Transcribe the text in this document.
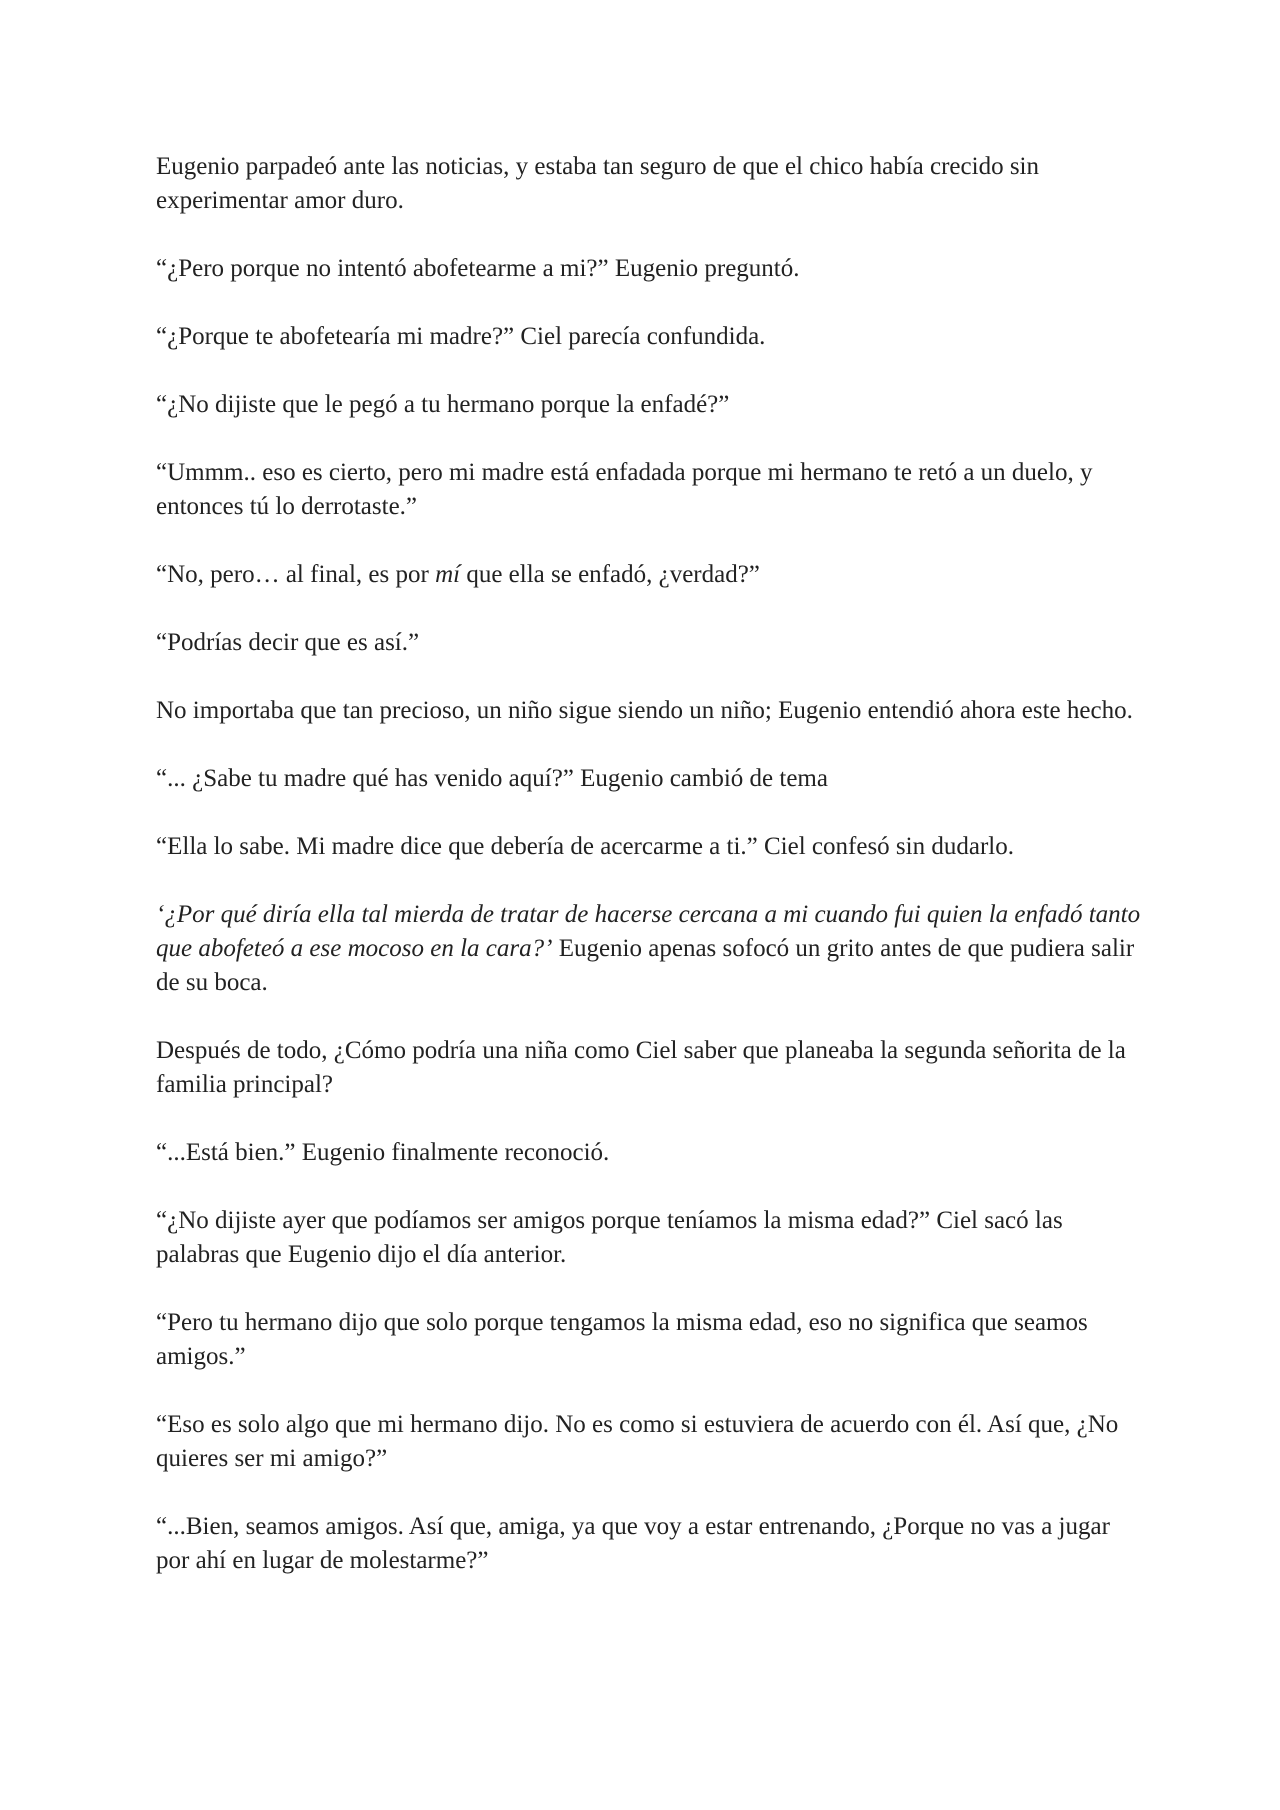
Eugenio parpadeó ante las noticias, y estaba tan seguro de que el chico había crecido sin experimentar amor duro.

“¿Pero porque no intentó abofetearme a mi?” Eugenio preguntó.

“¿Porque te abofetearía mi madre?” Ciel parecía confundida.

“¿No dijiste que le pegó a tu hermano porque la enfadé?”

“Ummm.. eso es cierto, pero mi madre está enfadada porque mi hermano te retó a un duelo, y entonces tú lo derrotaste.”

“No, pero… al final, es por mí que ella se enfadó, ¿verdad?”

“Podrías decir que es así.”

No importaba que tan precioso, un niño sigue siendo un niño; Eugenio entendió ahora este hecho.

“... ¿Sabe tu madre qué has venido aquí?” Eugenio cambió de tema

“Ella lo sabe. Mi madre dice que debería de acercarme a ti.” Ciel confesó sin dudarlo.

‘¿Por qué diría ella tal mierda de tratar de hacerse cercana a mi cuando fui quien la enfadó tanto que abofeteó a ese mocoso en la cara?’ Eugenio apenas sofocó un grito antes de que pudiera salir de su boca.

Después de todo, ¿Cómo podría una niña como Ciel saber que planeaba la segunda señorita de la familia principal?

“...Está bien.” Eugenio finalmente reconoció.

“¿No dijiste ayer que podíamos ser amigos porque teníamos la misma edad?” Ciel sacó las palabras que Eugenio dijo el día anterior.

“Pero tu hermano dijo que solo porque tengamos la misma edad, eso no significa que seamos amigos.”

“Eso es solo algo que mi hermano dijo. No es como si estuviera de acuerdo con él. Así que, ¿No quieres ser mi amigo?”

“...Bien, seamos amigos. Así que, amiga, ya que voy a estar entrenando, ¿Porque no vas a jugar por ahí en lugar de molestarme?”
